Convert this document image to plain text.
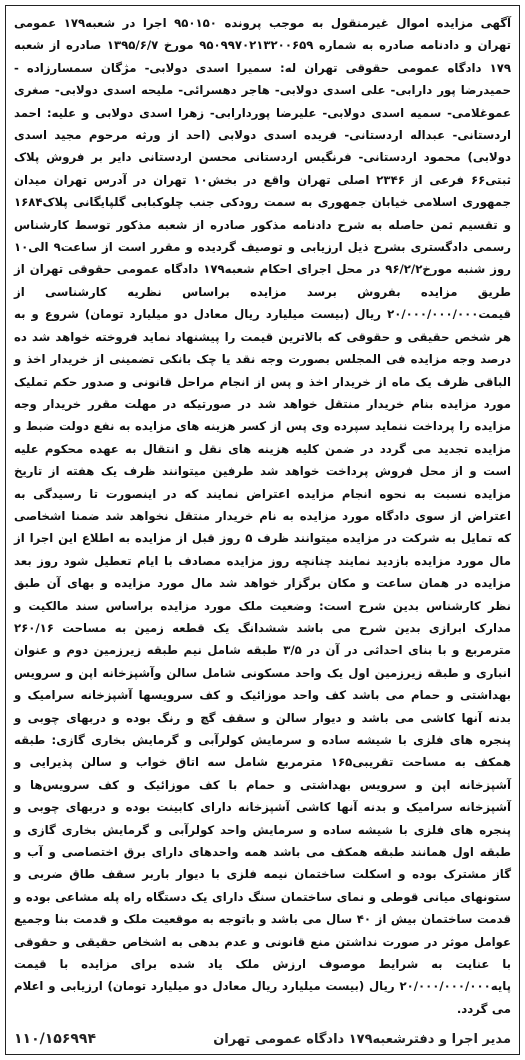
آگهی مزایده اموال غیرمنقول به موجب پرونده ۹۵۰۱۵۰ اجرا در شعبه۱۷۹ عمومی تهران و دادنامه صادره به شماره ۹۵۰۹۹۷۰۲۱۳۲۰۰۶۵۹ مورخ ۱۳۹۵/۶/۷ صادره از شعبه ۱۷۹ دادگاه عمومی حقوقی تهران له: سمیرا اسدی دولابی- مژگان سمسارزاده - حمیدرضا پور دارابی- علی اسدی دولابی- هاجر دهسرائی- ملیحه اسدی دولابی- صغری عموغلامی- سمیه اسدی دولابی- علیرضا پوردارابی- زهرا اسدی دولابی و علیه: احمد اردستانی- عبداله اردستانی- فریده اسدی دولابی (احد از ورثه مرحوم مجید اسدی دولابی) محمود اردستانی- فرنگیس اردستانی محسن اردستانی دایر بر فروش پلاک ثبتی۶۶ فرعی از ۲۳۴۶ اصلی تهران واقع در بخش۱۰ تهران در آدرس تهران میدان جمهوری اسلامی خیابان جمهوری به سمت رودکی جنب چلوکبابی گلپایگانی پلاک۱۶۸۴ و تقسیم ثمن حاصله به شرح دادنامه مذکور صادره از شعبه مذکور توسط کارشناس رسمی دادگستری بشرح ذیل ارزیابی و توصیف گردیده و مقرر است از ساعت۹ الی۱۰ روز شنبه مورخ۹۶/۲/۲ در محل اجرای احکام شعبه۱۷۹ دادگاه عمومی حقوقی تهران از طریق مزایده بفروش برسد مزایده براساس نظریه کارشناسی از قیمت۲۰/۰۰۰/۰۰۰/۰۰۰ ریال (بیست میلیارد ریال معادل دو میلیارد تومان) شروع و به هر شخص حقیقی و حقوقی که بالاترین قیمت را پیشنهاد نماید فروخته خواهد شد ده درصد وجه مزایده فی المجلس بصورت وجه نقد یا چک بانکی تضمینی از خریدار اخذ و الباقی ظرف یک ماه از خریدار اخذ و پس از انجام مراحل قانونی و صدور حکم تملیک مورد مزایده بنام خریدار منتقل خواهد شد در صورتیکه در مهلت مقرر خریدار وجه مزایده را پرداخت ننماید سپرده وی پس از کسر هزینه های مزایده به نفع دولت ضبط و مزایده تجدید می گردد در ضمن کلیه هزینه های نقل و انتقال به عهده محکوم علیه است و از محل فروش پرداخت خواهد شد طرفین میتوانند ظرف یک هفته از تاریخ مزایده نسبت به نحوه انجام مزایده اعتراض نمایند که در اینصورت تا رسیدگی به اعتراض از سوی دادگاه مورد مزایده به نام خریدار منتقل نخواهد شد ضمنا اشخاصی که تمایل به شرکت در مزایده میتوانند ظرف ۵ روز قبل از مزایده به اطلاع این اجرا از مال مورد مزایده بازدید نمایند چنانچه روز مزایده مصادف با ایام تعطیل شود روز بعد مزایده در همان ساعت و مکان برگزار خواهد شد مال مورد مزایده و بهای آن طبق نظر کارشناس بدین شرح است: وضعیت ملک مورد مزایده براساس سند مالکیت و مدارک ابرازی بدین شرح می باشد ششدانگ یک قطعه زمین به مساحت ۲۶۰/۱۶ مترمربع و با بنای احداثی در آن در ۳/۵ طبقه شامل نیم طبقه زیرزمین دوم و عنوان انباری و طبقه زیرزمین اول یک واحد مسکونی شامل سالن وآشپزخانه اپن و سرویس بهداشتی و حمام می باشد کف واحد موزائیک و کف سرویسها آشپزخانه سرامیک و بدنه آنها کاشی می باشد و دیوار سالن و سقف گچ و رنگ بوده و دربهای چوبی و پنجره های فلزی با شیشه ساده و سرمایش کولرآبی و گرمایش بخاری گازی: طبقه همکف به مساحت تقریبی۱۶۵ مترمربع شامل سه اتاق خواب و سالن پذیرایی و آشپزخانه اپن و سرویس بهداشتی و حمام با کف موزائیک و کف سرویس‌ها و آشپزخانه سرامیک و بدنه آنها کاشی آشپزخانه دارای کابینت بوده و دربهای چوبی و پنجره های فلزی با شیشه ساده و سرمایش واحد کولرآبی و گرمایش بخاری گازی و طبقه اول همانند طبقه همکف می باشد همه واحدهای دارای برق اختصاصی و آب و گاز مشترک بوده و اسکلت ساختمان نیمه فلزی با دیوار باربر سقف طاق ضربی و ستونهای میانی قوطی و نمای ساختمان سنگ دارای یک دستگاه راه پله مشاعی بوده و قدمت ساختمان بیش از ۴۰ سال می باشد و باتوجه به موقعیت ملک و قدمت بنا وجمیع عوامل موثر در صورت نداشتن منع قانونی و عدم بدهی به اشخاص حقیقی و حقوقی با عنایت به شرایط موصوف ارزش ملک یاد شده برای مزایده با قیمت پایه۲۰/۰۰۰/۰۰۰/۰۰۰ ریال (بیست میلیارد ریال معادل دو میلیارد تومان) ارزیابی و اعلام می گردد.
مدیر اجرا و دفترشعبه۱۷۹ دادگاه عمومی تهران
۱۱۰/۱۵۶۹۹۴
